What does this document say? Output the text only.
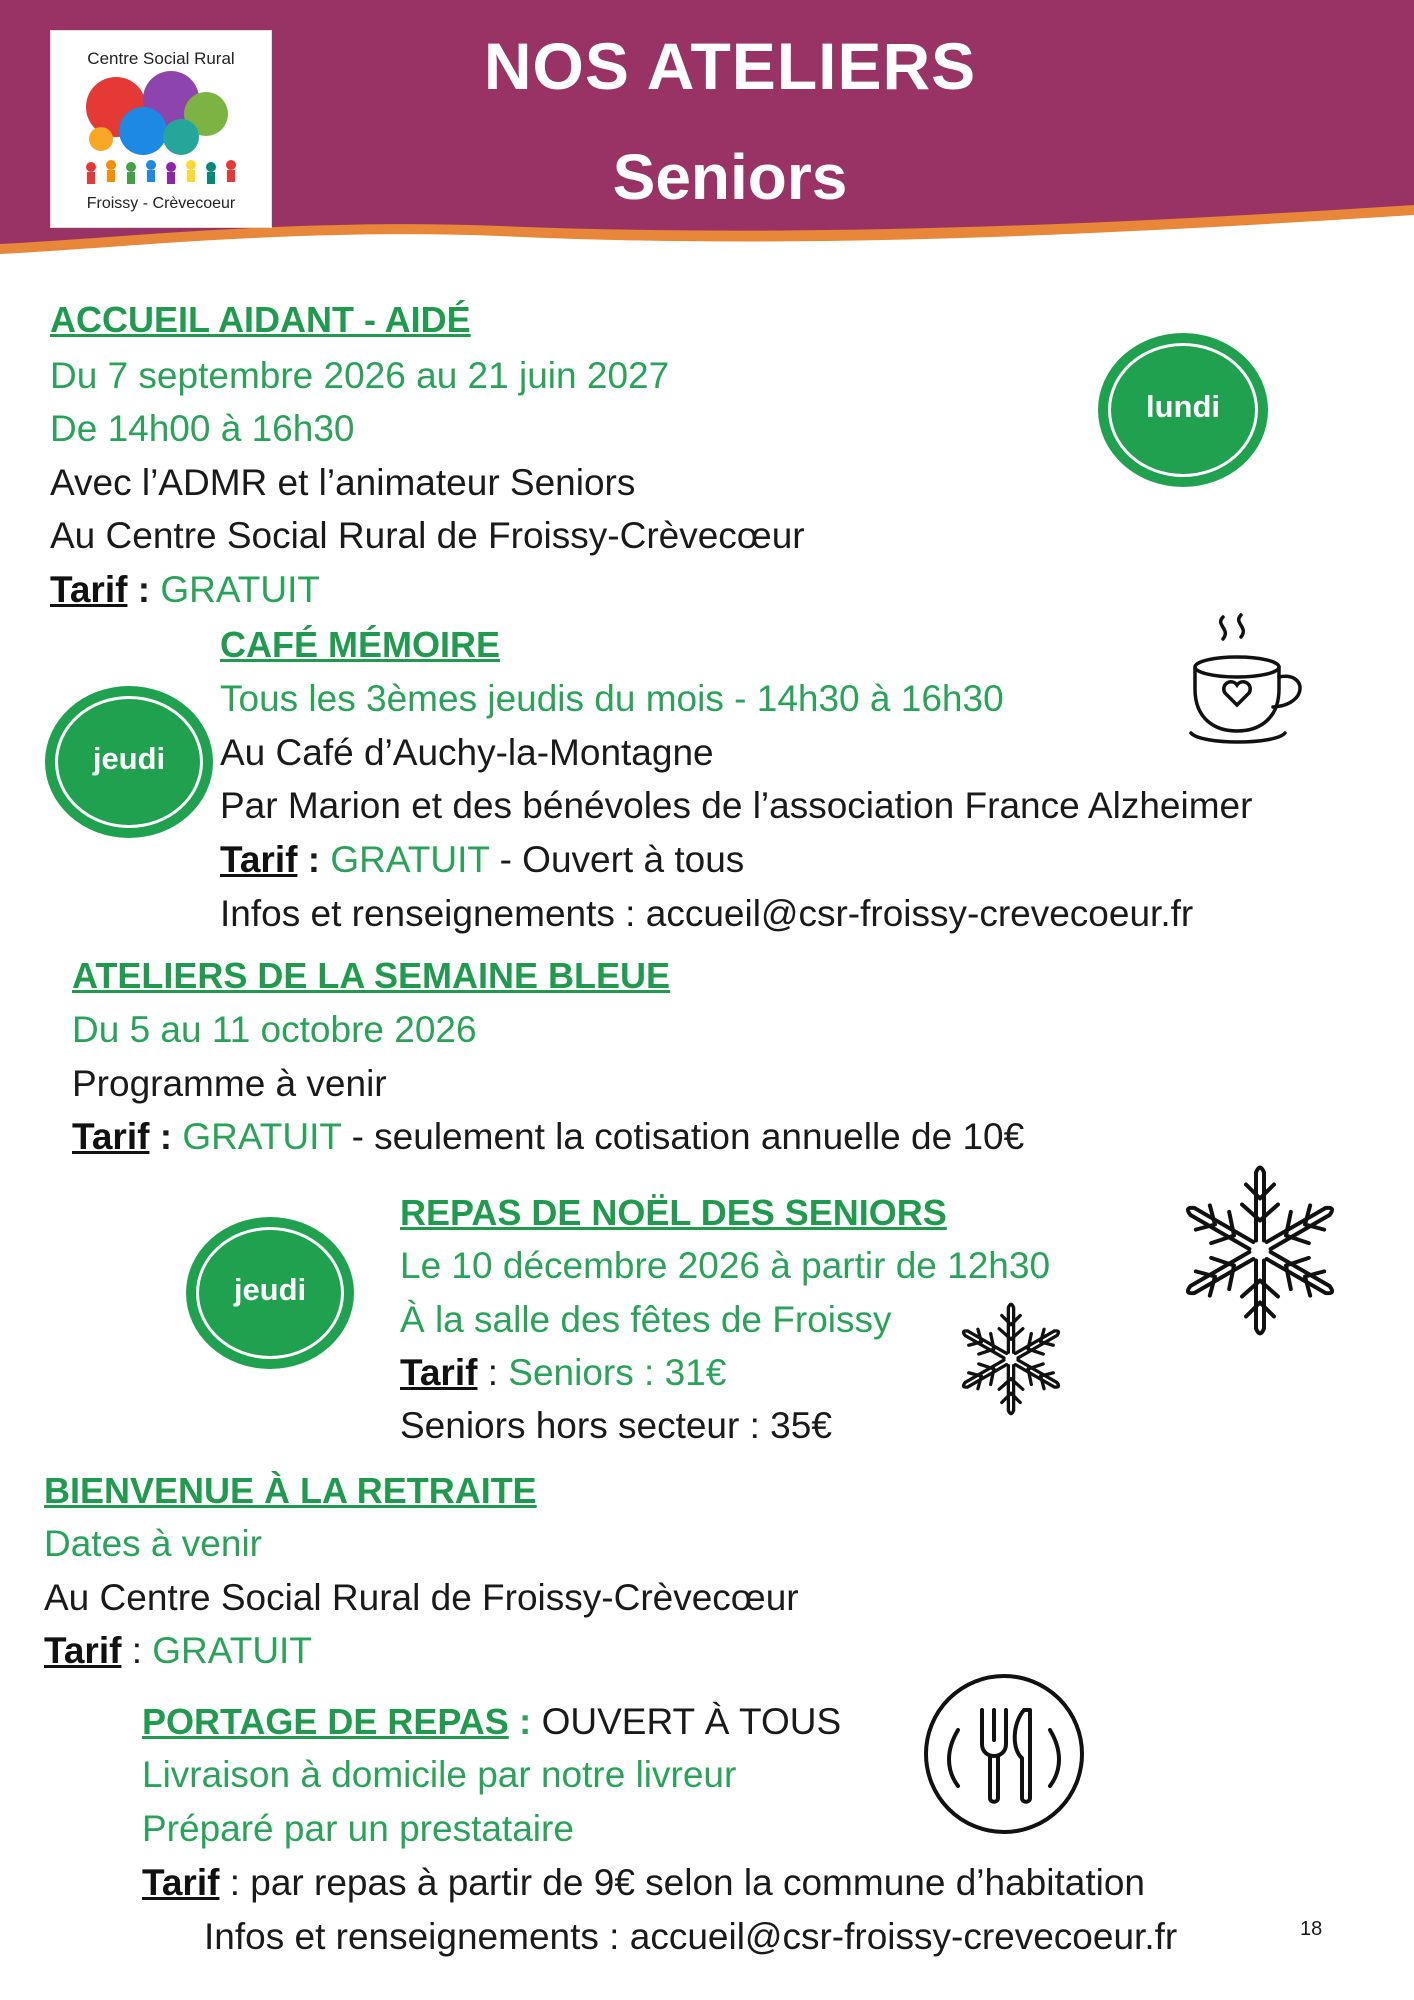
Centre Social Rural
Froissy - Crèvecoeur
NOS ATELIERS
Seniors
ACCUEIL AIDANT - AIDÉ
Du 7 septembre 2026 au 21 juin 2027
De 14h00 à 16h30
Avec l’ADMR et l’animateur Seniors
Au Centre Social Rural de Froissy-Crèvecœur
Tarif : GRATUIT
lundi
CAFÉ MÉMOIRE
Tous les 3èmes jeudis du mois - 14h30 à 16h30
Au Café d’Auchy-la-Montagne
Par Marion et des bénévoles de l’association France Alzheimer
Tarif : GRATUIT - Ouvert à tous
Infos et renseignements : accueil@csr-froissy-crevecoeur.fr
jeudi
ATELIERS DE LA SEMAINE BLEUE
Du 5 au 11 octobre 2026
Programme à venir
Tarif : GRATUIT - seulement la cotisation annuelle de 10€
REPAS DE NOËL DES SENIORS
Le 10 décembre 2026 à partir de 12h30
À la salle des fêtes de Froissy
Tarif : Seniors : 31€
Seniors hors secteur : 35€
jeudi
BIENVENUE À LA RETRAITE
Dates à venir
Au Centre Social Rural de Froissy-Crèvecœur
Tarif : GRATUIT
PORTAGE DE REPAS : OUVERT À TOUS
Livraison à domicile par notre livreur
Préparé par un prestataire
Tarif : par repas à partir de 9€ selon la commune d’habitation
Infos et renseignements : accueil@csr-froissy-crevecoeur.fr	18
